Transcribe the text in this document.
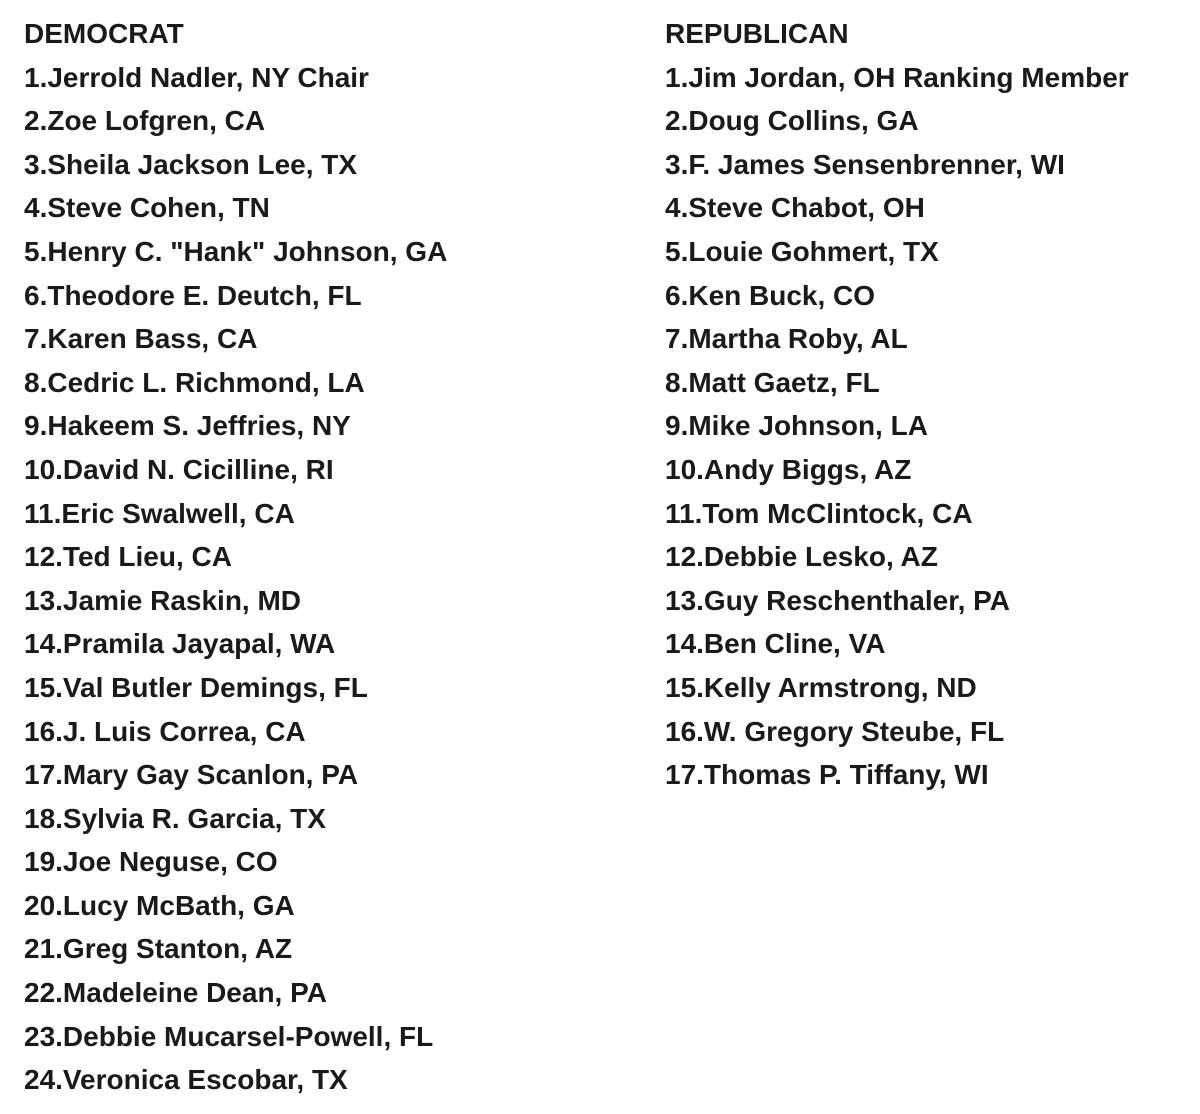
DEMOCRAT
1.Jerrold Nadler, NY Chair
2.Zoe Lofgren, CA
3.Sheila Jackson Lee, TX
4.Steve Cohen, TN
5.Henry C. "Hank" Johnson, GA
6.Theodore E. Deutch, FL
7.Karen Bass, CA
8.Cedric L. Richmond, LA
9.Hakeem S. Jeffries, NY
10.David N. Cicilline, RI
11.Eric Swalwell, CA
12.Ted Lieu, CA
13.Jamie Raskin, MD
14.Pramila Jayapal, WA
15.Val Butler Demings, FL
16.J. Luis Correa, CA
17.Mary Gay Scanlon, PA
18.Sylvia R. Garcia, TX
19.Joe Neguse, CO
20.Lucy McBath, GA
21.Greg Stanton, AZ
22.Madeleine Dean, PA
23.Debbie Mucarsel-Powell, FL
24.Veronica Escobar, TX
REPUBLICAN
1.Jim Jordan, OH Ranking Member
2.Doug Collins, GA
3.F. James Sensenbrenner, WI
4.Steve Chabot, OH
5.Louie Gohmert, TX
6.Ken Buck, CO
7.Martha Roby, AL
8.Matt Gaetz, FL
9.Mike Johnson, LA
10.Andy Biggs, AZ
11.Tom McClintock, CA
12.Debbie Lesko, AZ
13.Guy Reschenthaler, PA
14.Ben Cline, VA
15.Kelly Armstrong, ND
16.W. Gregory Steube, FL
17.Thomas P. Tiffany, WI
